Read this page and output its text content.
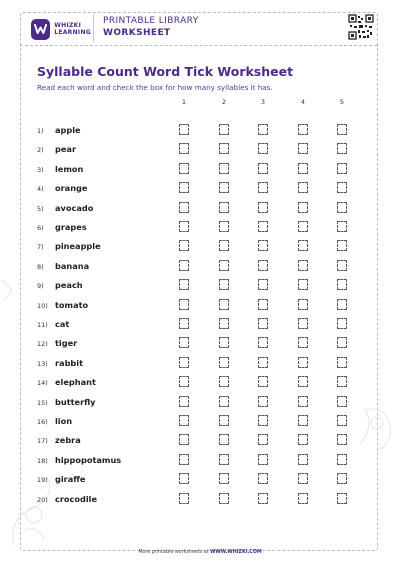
WHIZKI
LEARNING
PRINTABLE LIBRARY
WORKSHEET
Syllable Count Word Tick Worksheet
Read each word and check the box for how many syllables it has.
1	2	3	4	5
1) apple
2) pear
3) lemon
4) orange
5) avocado
6) grapes
7) pineapple
8) banana
9) peach
10) tomato
11) cat
12) tiger
13) rabbit
14) elephant
15) butterfly
16) lion
17) zebra
18) hippopotamus
19) giraffe
20) crocodile
More printable worksheets at WWW.WHIZKI.COM
